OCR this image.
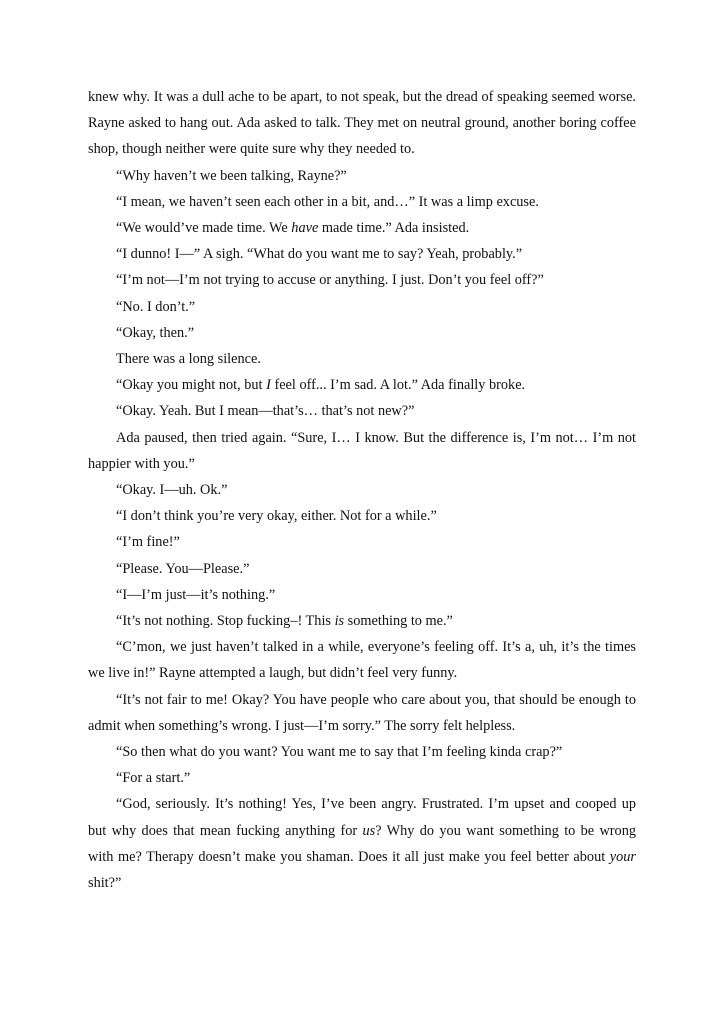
knew why. It was a dull ache to be apart, to not speak, but the dread of speaking seemed worse. Rayne asked to hang out. Ada asked to talk. They met on neutral ground, another boring coffee shop, though neither were quite sure why they needed to.

“Why haven’t we been talking, Rayne?”

“I mean, we haven’t seen each other in a bit, and…” It was a limp excuse.

“We would’ve made time. We have made time.” Ada insisted.

“I dunno! I—” A sigh. “What do you want me to say? Yeah, probably.”

“I’m not—I’m not trying to accuse or anything. I just. Don’t you feel off?”

“No. I don’t.”

“Okay, then.”

There was a long silence.

“Okay you might not, but I feel off... I’m sad. A lot.” Ada finally broke.

“Okay. Yeah. But I mean—that’s… that’s not new?”

Ada paused, then tried again. “Sure, I… I know. But the difference is, I’m not… I’m not happier with you.”

“Okay. I—uh. Ok.”

“I don’t think you’re very okay, either. Not for a while.”

“I’m fine!”

“Please. You—Please.”

“I—I’m just—it’s nothing.”

“It’s not nothing. Stop fucking–! This is something to me.”

“C’mon, we just haven’t talked in a while, everyone’s feeling off. It’s a, uh, it’s the times we live in!” Rayne attempted a laugh, but didn’t feel very funny.

“It’s not fair to me! Okay? You have people who care about you, that should be enough to admit when something’s wrong. I just—I’m sorry.” The sorry felt helpless.

“So then what do you want? You want me to say that I’m feeling kinda crap?”

“For a start.”

“God, seriously. It’s nothing! Yes, I’ve been angry. Frustrated. I’m upset and cooped up but why does that mean fucking anything for us? Why do you want something to be wrong with me? Therapy doesn’t make you shaman. Does it all just make you feel better about your shit?”
